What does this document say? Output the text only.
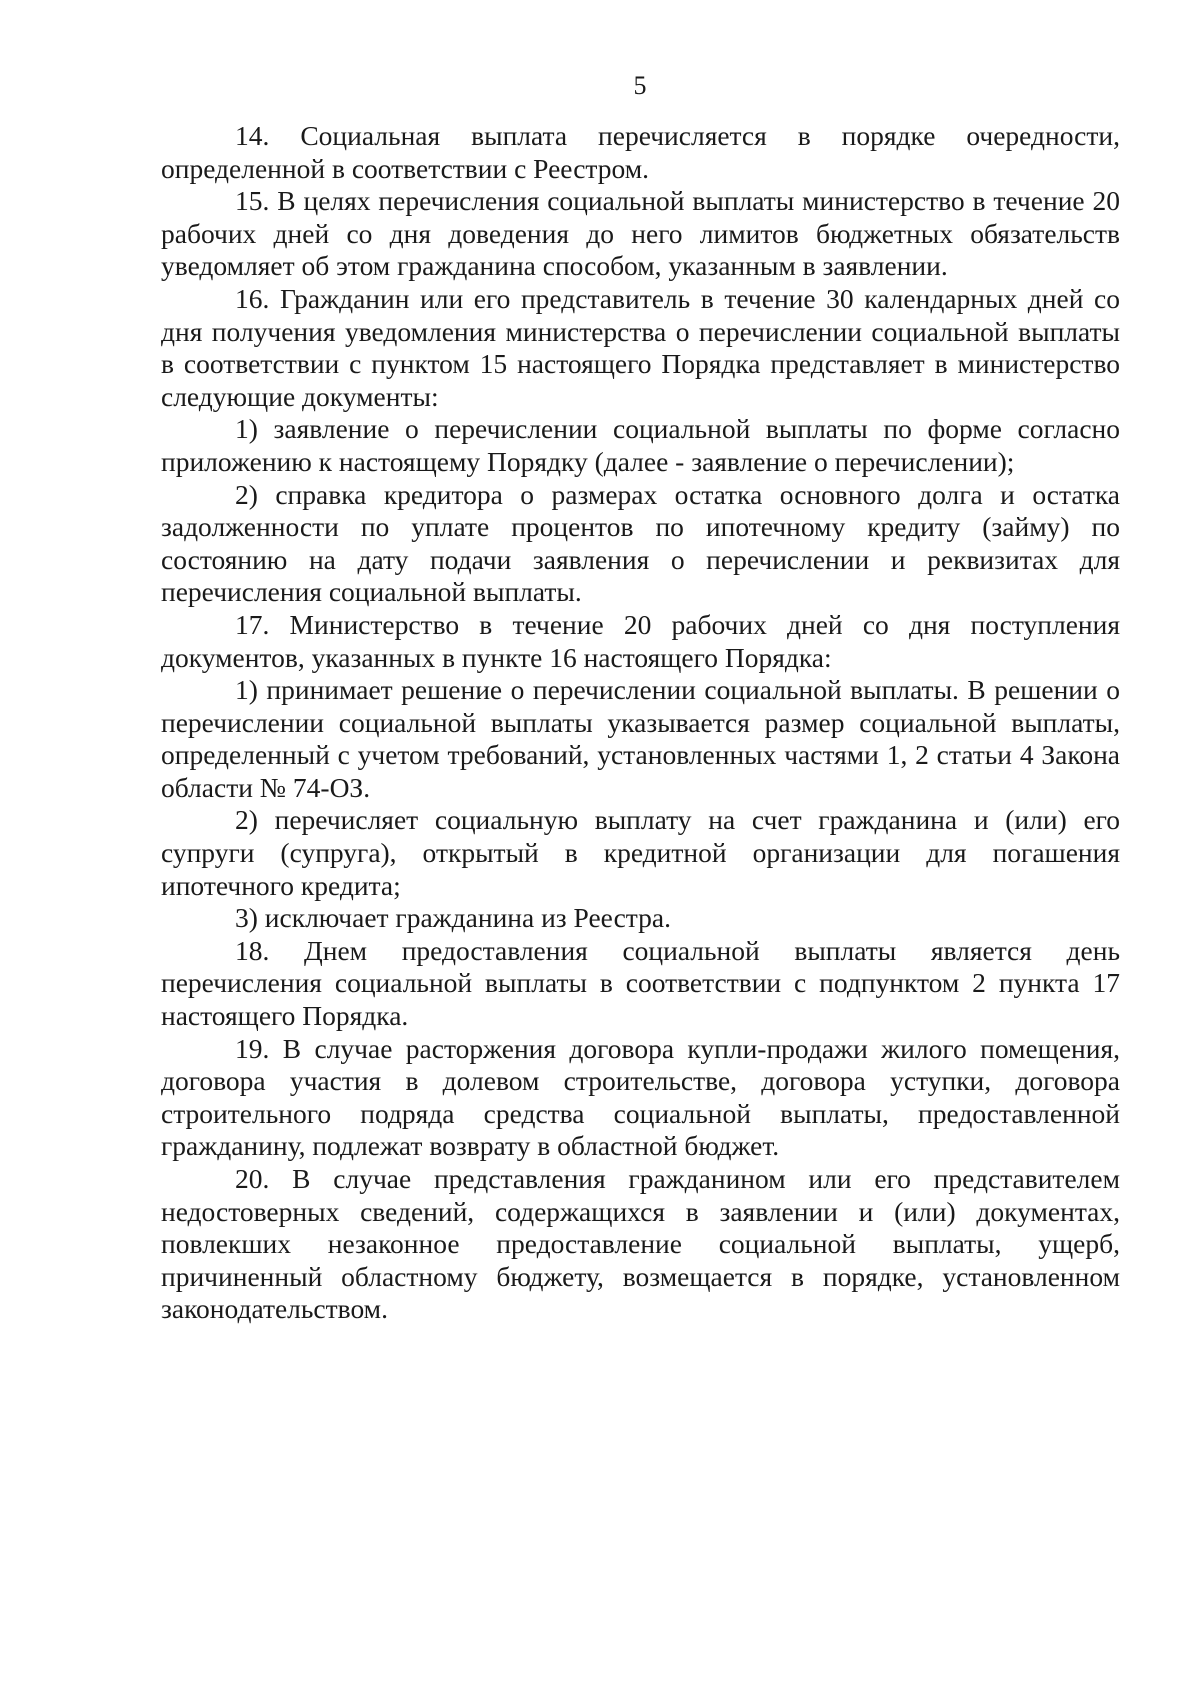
5

14. Социальная выплата перечисляется в порядке очередности, определенной в соответствии с Реестром.

15. В целях перечисления социальной выплаты министерство в течение 20 рабочих дней со дня доведения до него лимитов бюджетных обязательств уведомляет об этом гражданина способом, указанным в заявлении.

16. Гражданин или его представитель в течение 30 календарных дней со дня получения уведомления министерства о перечислении социальной выплаты в соответствии с пунктом 15 настоящего Порядка представляет в министерство следующие документы:

1) заявление о перечислении социальной выплаты по форме согласно приложению к настоящему Порядку (далее - заявление о перечислении);

2) справка кредитора о размерах остатка основного долга и остатка задолженности по уплате процентов по ипотечному кредиту (займу) по состоянию на дату подачи заявления о перечислении и реквизитах для перечисления социальной выплаты.

17. Министерство в течение 20 рабочих дней со дня поступления документов, указанных в пункте 16 настоящего Порядка:

1) принимает решение о перечислении социальной выплаты. В решении о перечислении социальной выплаты указывается размер социальной выплаты, определенный с учетом требований, установленных частями 1, 2 статьи 4 Закона области № 74-ОЗ.

2) перечисляет социальную выплату на счет гражданина и (или) его супруги (супруга), открытый в кредитной организации для погашения ипотечного кредита;

3) исключает гражданина из Реестра.

18. Днем предоставления социальной выплаты является день перечисления социальной выплаты в соответствии с подпунктом 2 пункта 17 настоящего Порядка.

19. В случае расторжения договора купли-продажи жилого помещения, договора участия в долевом строительстве, договора уступки, договора строительного подряда средства социальной выплаты, предоставленной гражданину, подлежат возврату в областной бюджет.

20. В случае представления гражданином или его представителем недостоверных сведений, содержащихся в заявлении и (или) документах, повлекших незаконное предоставление социальной выплаты, ущерб, причиненный областному бюджету, возмещается в порядке, установленном законодательством.
